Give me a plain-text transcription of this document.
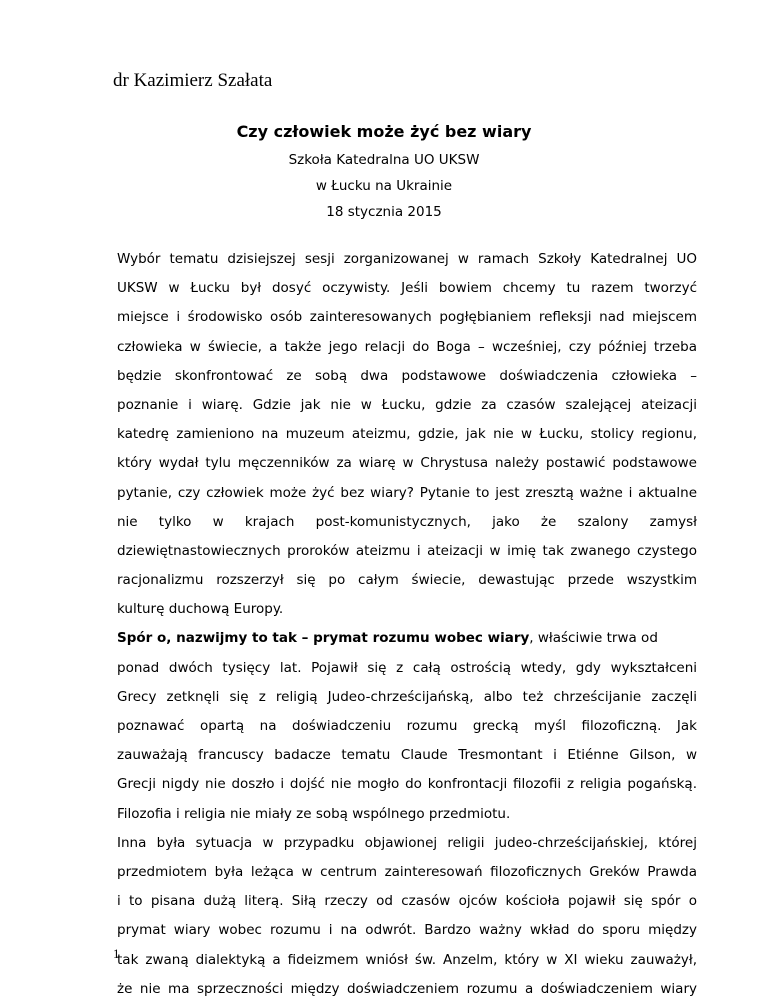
dr Kazimierz Szałata
Czy człowiek może żyć bez wiary
Szkoła Katedralna UO UKSW
w Łucku na Ukrainie
18 stycznia 2015
Wybór tematu dzisiejszej sesji zorganizowanej w ramach Szkoły Katedralnej UO
UKSW w Łucku był dosyć oczywisty. Jeśli bowiem chcemy tu razem tworzyć
miejsce i środowisko osób zainteresowanych pogłębianiem refleksji nad miejscem
człowieka w świecie, a także jego relacji do Boga – wcześniej, czy później trzeba
będzie skonfrontować ze sobą dwa podstawowe doświadczenia człowieka –
poznanie i wiarę. Gdzie jak nie w Łucku, gdzie za czasów szalejącej ateizacji
katedrę zamieniono na muzeum ateizmu, gdzie, jak nie w Łucku, stolicy regionu,
który wydał tylu męczenników za wiarę w Chrystusa należy postawić podstawowe
pytanie, czy człowiek może żyć bez wiary? Pytanie to jest zresztą ważne i aktualne
nie tylko w krajach post-komunistycznych, jako że szalony zamysł
dziewiętnastowiecznych proroków ateizmu i ateizacji w imię tak zwanego czystego
racjonalizmu rozszerzył się po całym świecie, dewastując przede wszystkim
kulturę duchową Europy.
Spór o, nazwijmy to tak – prymat rozumu wobec wiary, właściwie trwa od
ponad dwóch tysięcy lat. Pojawił się z całą ostrością wtedy, gdy wykształceni
Grecy zetknęli się z religią Judeo-chrześcijańską, albo też chrześcijanie zaczęli
poznawać opartą na doświadczeniu rozumu grecką myśl filozoficzną. Jak
zauważają francuscy badacze tematu Claude Tresmontant i Etiénne Gilson, w
Grecji nigdy nie doszło i dojść nie mogło do konfrontacji filozofii z religia pogańską.
Filozofia i religia nie miały ze sobą wspólnego przedmiotu.
Inna była sytuacja w przypadku objawionej religii judeo-chrześcijańskiej, której
przedmiotem była leżąca w centrum zainteresowań filozoficznych Greków Prawda
i to pisana dużą literą. Siłą rzeczy od czasów ojców kościoła pojawił się spór o
prymat wiary wobec rozumu i na odwrót. Bardzo ważny wkład do sporu między
tak zwaną dialektyką a fideizmem wniósł św. Anzelm, który w XI wieku zauważył,
że nie ma sprzeczności między doświadczeniem rozumu a doświadczeniem wiary
1
